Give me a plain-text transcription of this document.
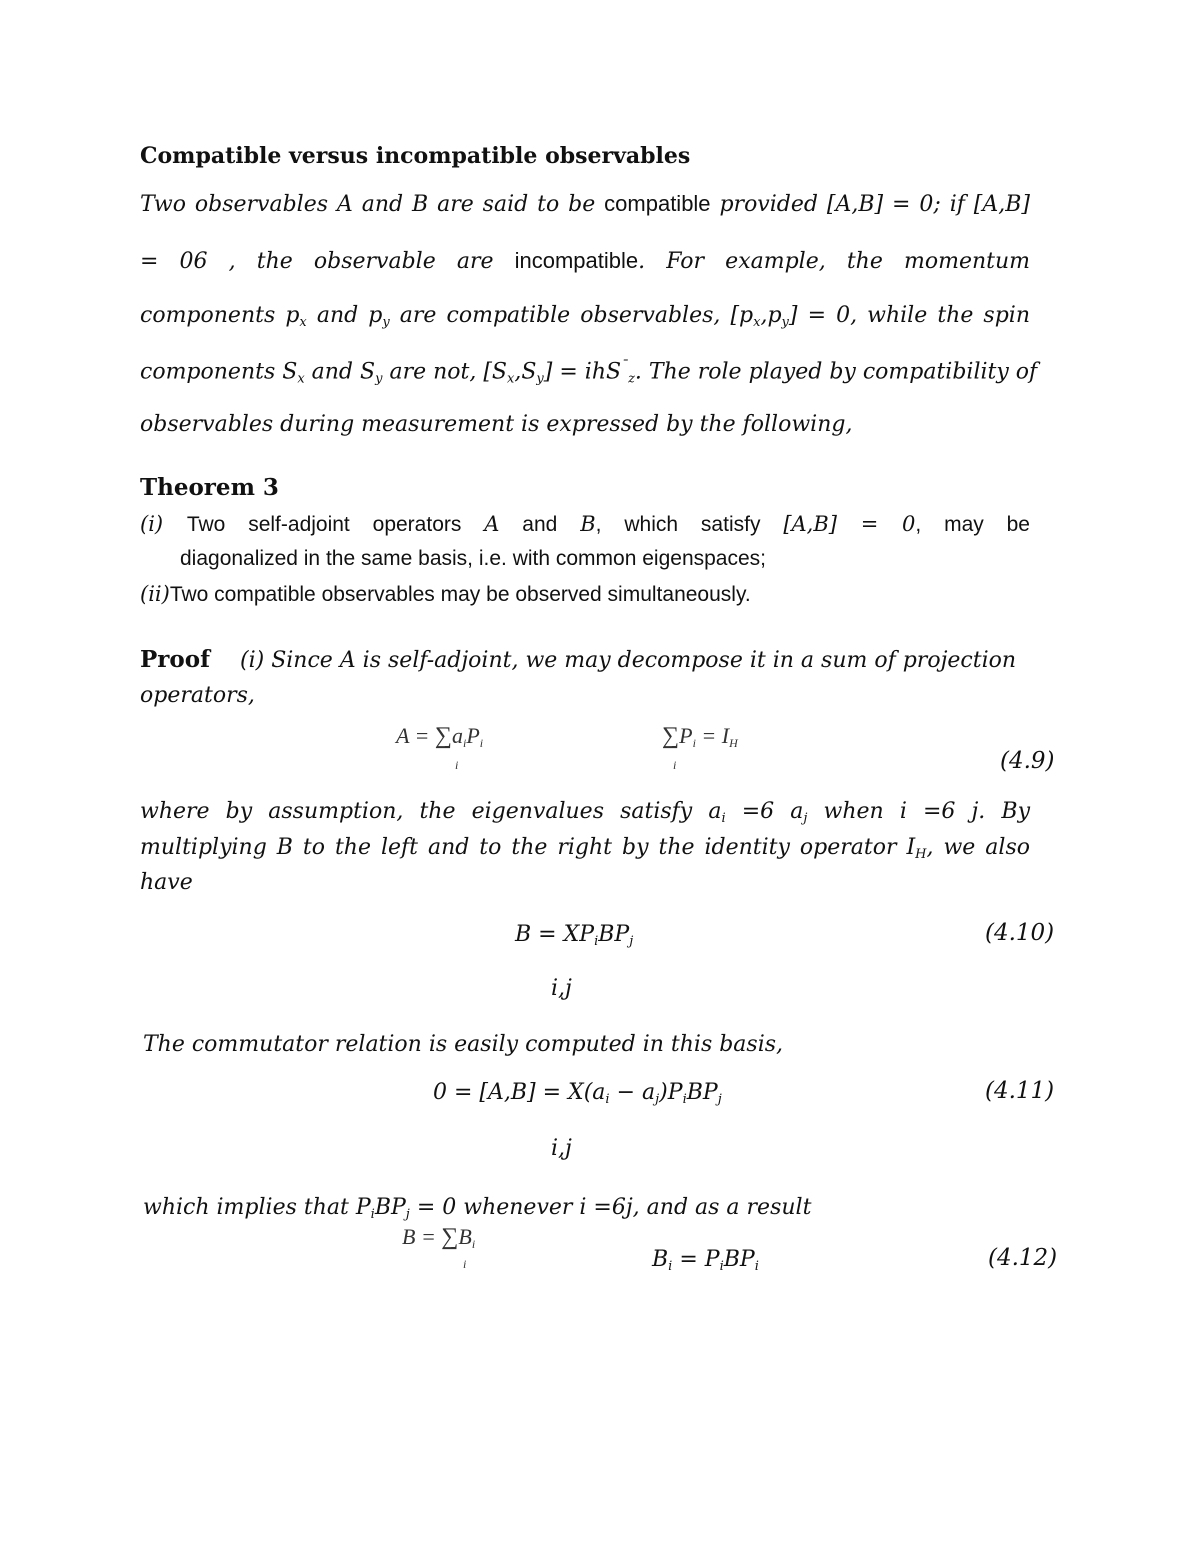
Compatible versus incompatible observables
Two observables A and B are said to be compatible provided [A,B] = 0; if [A,B]
= 06 , the observable are incompatible. For example, the momentum
components $p_x$ and $p_y$ are compatible observables, $[p_x,p_y] = 0$, while the spin
components $S_x$ and $S_y$ are not, $[S_x,S_y] = ihS^¯_z$. The role played by compatibility of
observables during measurement is expressed by the following,
Theorem 3
(i) Two self-adjoint operators A and B, which satisfy [A,B] = 0, may be
diagonalized in the same basis, i.e. with common eigenspaces;
(ii)Two compatible observables may be observed simultaneously.
Proof (i) Since A is self-adjoint, we may decompose it in a sum of projection
operators,
$A = \sum a_iP_i$
i
$\sum P_i = I_H$
i	(4.9)
where by assumption, the eigenvalues satisfy $a_i =6$ $a_j$ when i =6 j. By
multiplying B to the left and to the right by the identity operator $I_H$, we also
have
$B = XP_iBP_j$	(4.10)
i,j
The commutator relation is easily computed in this basis,
$0 = [A,B] = X(a_i - a_j)P_iBP_j$	(4.11)
i,j
which implies that $P_iBP_j = 0$ whenever i =6j, and as a result
$B = \sum B_i$
i	$B_i = P_iBP_i$	(4.12)
